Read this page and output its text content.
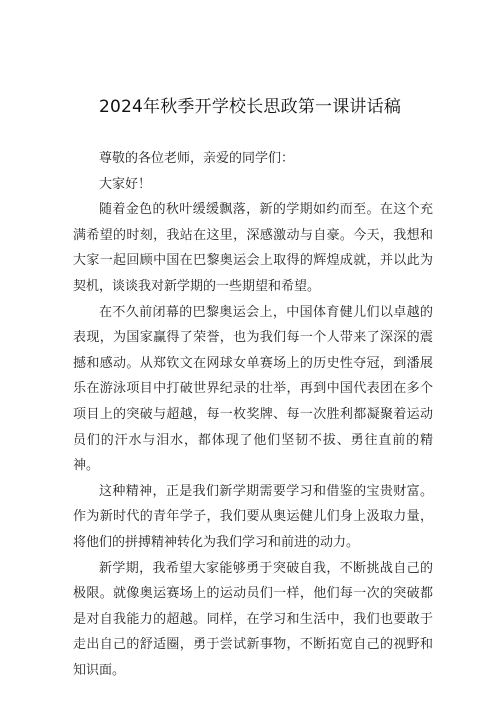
2024年秋季开学校长思政第一课讲话稿

尊敬的各位老师，亲爱的同学们：

大家好！

随着金色的秋叶缓缓飘落，新的学期如约而至。在这个充满希望的时刻，我站在这里，深感激动与自豪。今天，我想和大家一起回顾中国在巴黎奥运会上取得的辉煌成就，并以此为契机，谈谈我对新学期的一些期望和希望。

在不久前闭幕的巴黎奥运会上，中国体育健儿们以卓越的表现，为国家赢得了荣誉，也为我们每一个人带来了深深的震撼和感动。从郑钦文在网球女单赛场上的历史性夺冠，到潘展乐在游泳项目中打破世界纪录的壮举，再到中国代表团在多个项目上的突破与超越，每一枚奖牌、每一次胜利都凝聚着运动员们的汗水与泪水，都体现了他们坚韧不拔、勇往直前的精神。

这种精神，正是我们新学期需要学习和借鉴的宝贵财富。作为新时代的青年学子，我们要从奥运健儿们身上汲取力量，将他们的拼搏精神转化为我们学习和前进的动力。

新学期，我希望大家能够勇于突破自我，不断挑战自己的极限。就像奥运赛场上的运动员们一样，他们每一次的突破都是对自我能力的超越。同样，在学习和生活中，我们也要敢于走出自己的舒适圈，勇于尝试新事物，不断拓宽自己的视野和知识面。
